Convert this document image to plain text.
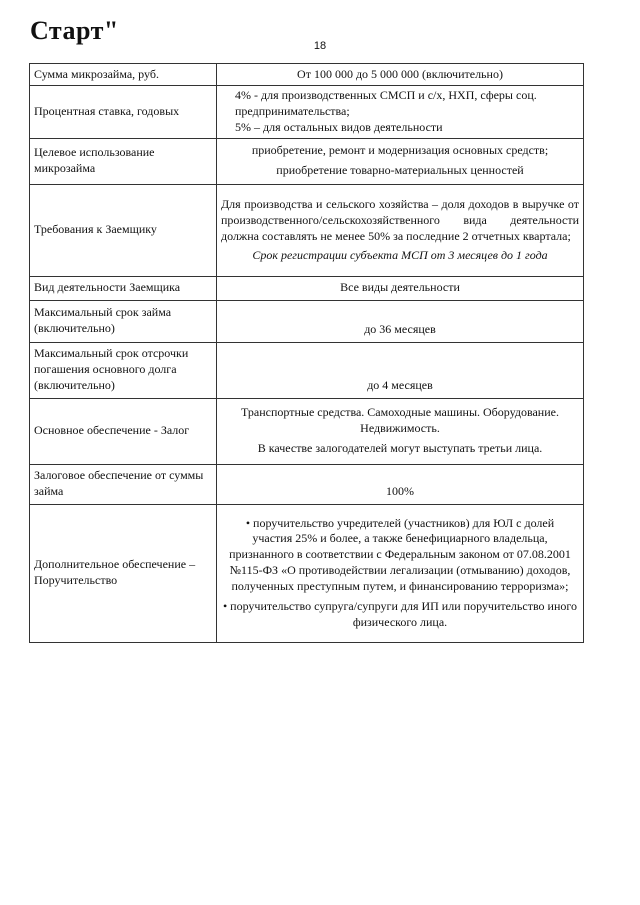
Старт"
18
Сумма микрозайма, руб.	От 100 000 до 5 000 000 (включительно)
Процентная ставка, годовых	4% - для производственных СМСП и с/х, НХП, сферы соц. предпринимательства;
5% – для остальных видов деятельности

Целевое использование микрозайма	приобретение, ремонт и модернизация основных средств;
приобретение товарно-материальных ценностей

Требования к Заемщику	Для производства и сельского хозяйства – доля доходов в выручке от производственного/сельскохозяйственного вида деятельности должна составлять не менее 50% за последние 2 отчетных квартала;
Срок регистрации субъекта МСП от 3 месяцев до 1 года

Вид деятельности Заемщика	Все виды деятельности
Максимальный срок займа (включительно)	до 36 месяцев
Максимальный срок отсрочки погашения основного долга (включительно)	до 4 месяцев
Основное обеспечение - Залог	Транспортные средства. Самоходные машины. Оборудование. Недвижимость.
В качестве залогодателей могут выступать третьи лица.

Залоговое обеспечение от суммы займа	100%
Дополнительное обеспечение – Поручительство	• поручительство учредителей (участников) для ЮЛ с долей участия 25% и более, а также бенефициарного владельца, признанного в соответствии с Федеральным законом от 07.08.2001 №115-ФЗ «О противодействии легализации (отмыванию) доходов, полученных преступным путем, и финансированию терроризма»;
• поручительство супруга/супруги для ИП или поручительство иного физического лица.
